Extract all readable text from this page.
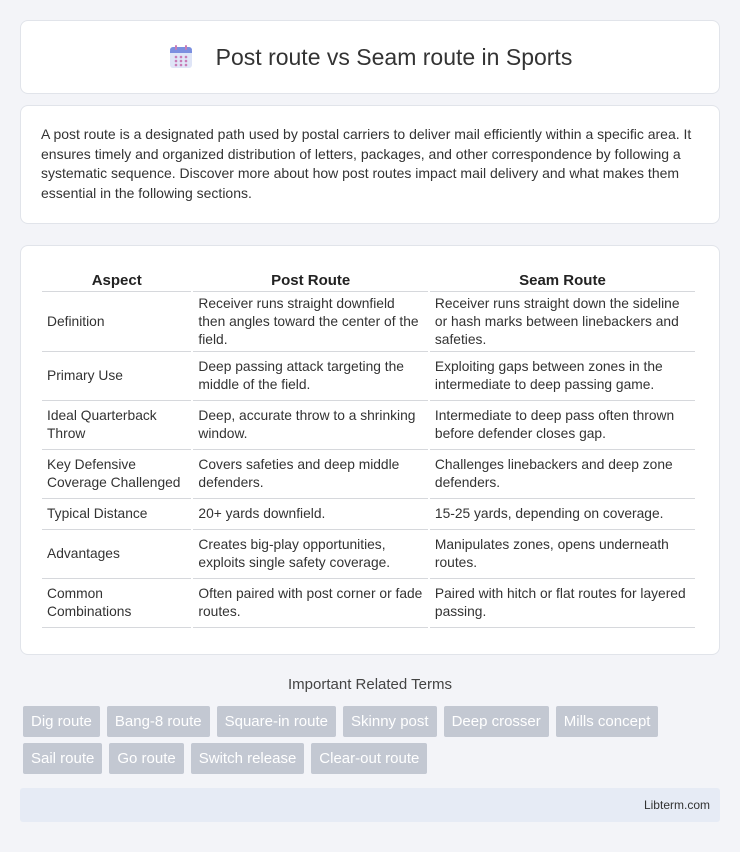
Post route vs Seam route in Sports

A post route is a designated path used by postal carriers to deliver mail efficiently within a specific area. It ensures timely and organized distribution of letters, packages, and other correspondence by following a systematic sequence. Discover more about how post routes impact mail delivery and what makes them essential in the following sections.

Aspect	Post Route	Seam Route
Definition	Receiver runs straight downfield then angles toward the center of the field.	Receiver runs straight down the sideline or hash marks between linebackers and safeties.
Primary Use	Deep passing attack targeting the middle of the field.	Exploiting gaps between zones in the intermediate to deep passing game.
Ideal Quarterback Throw	Deep, accurate throw to a shrinking window.	Intermediate to deep pass often thrown before defender closes gap.
Key Defensive Coverage Challenged	Covers safeties and deep middle defenders.	Challenges linebackers and deep zone defenders.
Typical Distance	20+ yards downfield.	15-25 yards, depending on coverage.
Advantages	Creates big-play opportunities, exploits single safety coverage.	Manipulates zones, opens underneath routes.
Common Combinations	Often paired with post corner or fade routes.	Paired with hitch or flat routes for layered passing.
Important Related Terms
Dig route	Bang-8 route	Square-in route	Skinny post	Deep crosser	Mills concept
Sail route	Go route	Switch release	Clear-out route
Libterm.com
